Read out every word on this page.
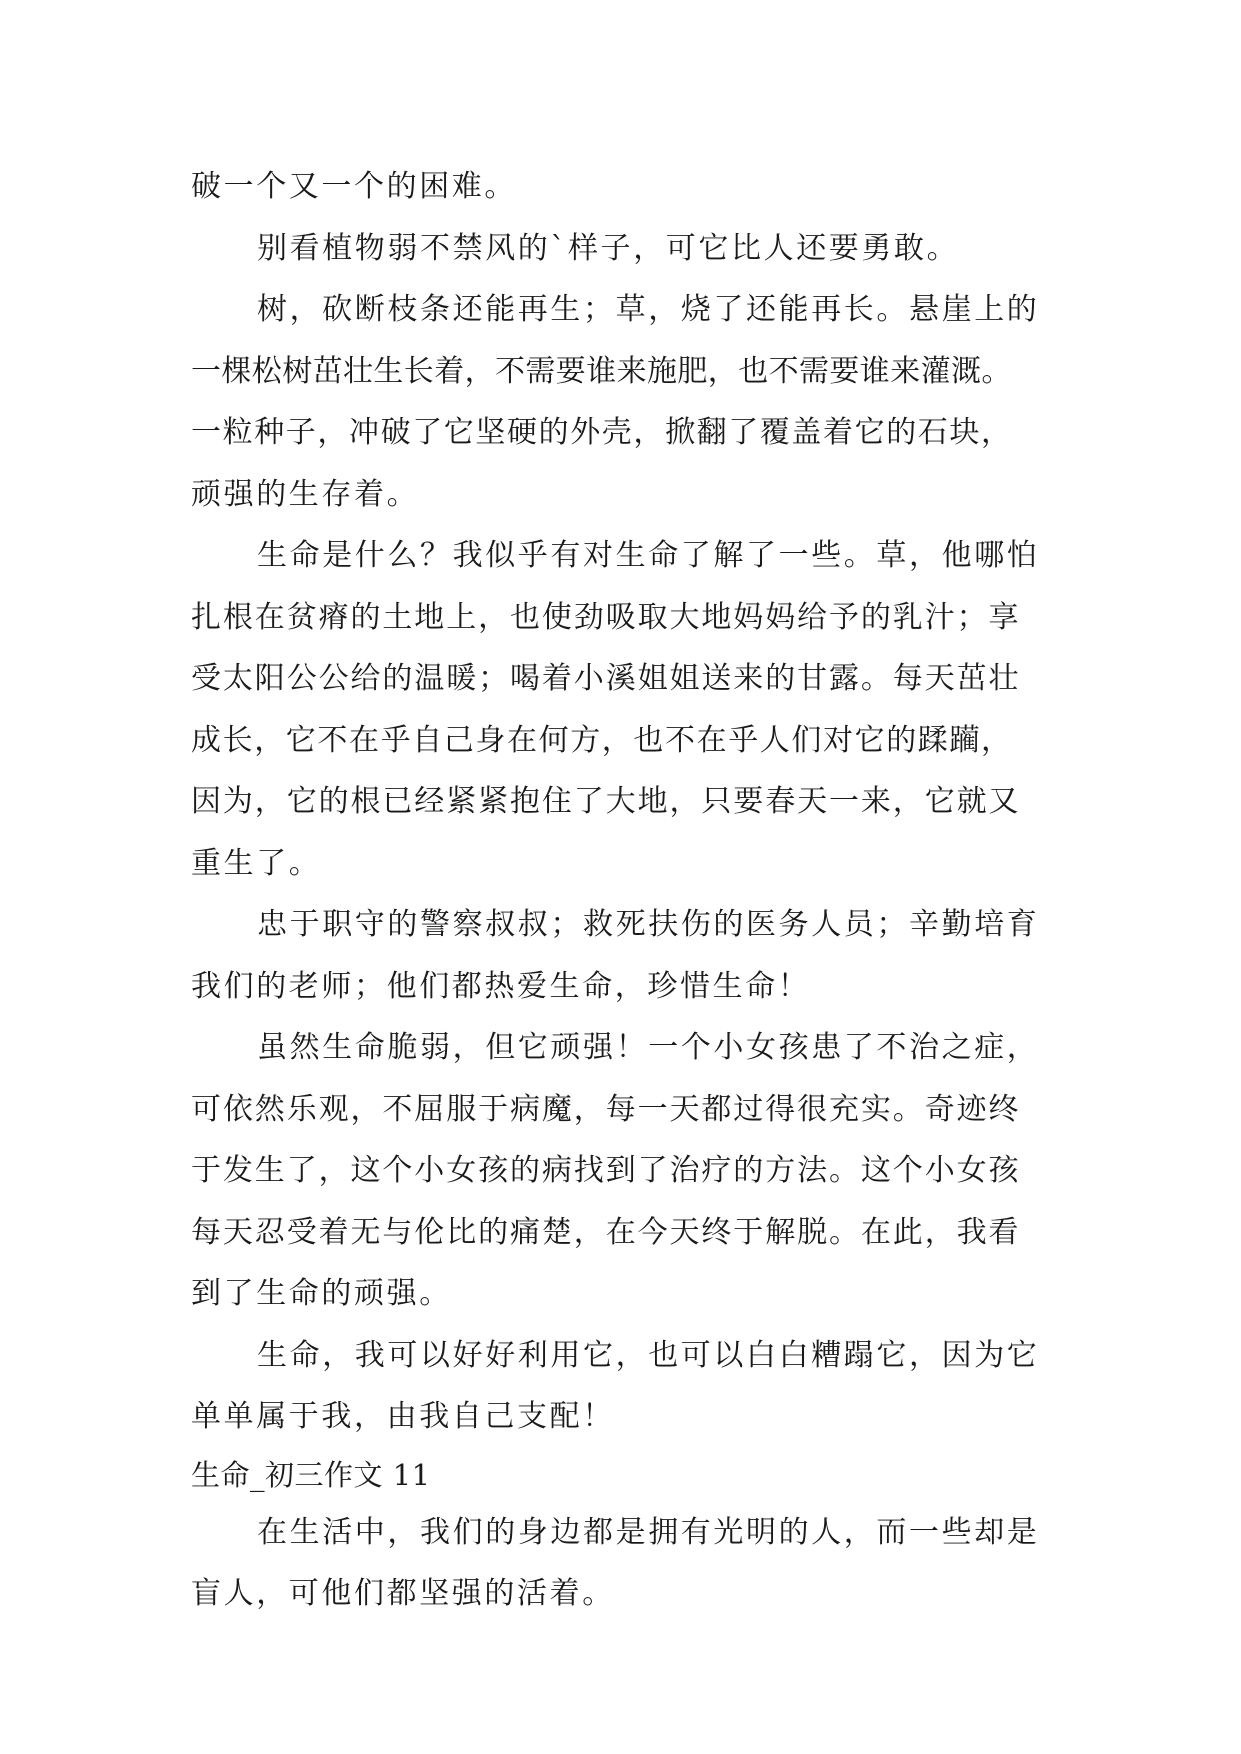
破一个又一个的困难。
别看植物弱不禁风的`样子，可它比人还要勇敢。
树，砍断枝条还能再生；草，烧了还能再长。悬崖上的
一棵松树茁壮生长着，不需要谁来施肥，也不需要谁来灌溉。
一粒种子，冲破了它坚硬的外壳，掀翻了覆盖着它的石块，
顽强的生存着。
生命是什么？我似乎有对生命了解了一些。草，他哪怕
扎根在贫瘠的土地上，也使劲吸取大地妈妈给予的乳汁；享
受太阳公公给的温暖；喝着小溪姐姐送来的甘露。每天茁壮
成长，它不在乎自己身在何方，也不在乎人们对它的蹂躏，
因为，它的根已经紧紧抱住了大地，只要春天一来，它就又
重生了。
忠于职守的警察叔叔；救死扶伤的医务人员；辛勤培育
我们的老师；他们都热爱生命，珍惜生命！
虽然生命脆弱，但它顽强！一个小女孩患了不治之症，
可依然乐观，不屈服于病魔，每一天都过得很充实。奇迹终
于发生了，这个小女孩的病找到了治疗的方法。这个小女孩
每天忍受着无与伦比的痛楚，在今天终于解脱。在此，我看
到了生命的顽强。
生命，我可以好好利用它，也可以白白糟蹋它，因为它
单单属于我，由我自己支配！
生命_初三作文 11
在生活中，我们的身边都是拥有光明的人，而一些却是
盲人，可他们都坚强的活着。
